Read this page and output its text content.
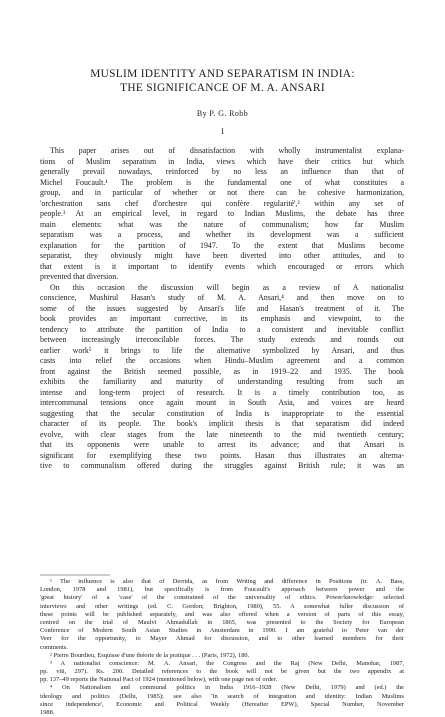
MUSLIM IDENTITY AND SEPARATISM IN INDIA:
THE SIGNIFICANCE OF M. A. ANSARI
By P. G. Robb
I
This paper arises out of dissatisfaction with wholly instrumentalist explana-
tions of Muslim separatism in India, views which have their critics but which
generally prevail nowadays, reinforced by no less an influence than that of
Michel Foucault.¹ The problem is the fundamental one of what constitutes a
group, and in particular of whether or not there can be cohesive harmonization,
'orchestration sans chef d'orchestre qui confère regularité',² within any set of
people.³ At an empirical level, in regard to Indian Muslims, the debate has three
main elements: what was the nature of communalism; how far Muslim
separatism was a process, and whether its development was a sufficient
explanation for the partition of 1947. To the extent that Muslims become
separatist, they obviously might have been diverted into other attitudes, and to
that extent is it important to identify events which encouraged or errors which
prevented that diversion.
On this occasion the discussion will begin as a review of A nationalist
conscience, Mushirul Hasan's study of M. A. Ansari,⁴ and then move on to
some of the issues suggested by Ansari's life and Hasan's treatment of it. The
book provides an important corrective, in its emphasis and viewpoint, to the
tendency to attribute the partition of India to a consistent and inevitable conflict
between increasingly irreconcilable forces. The study extends and rounds out
earlier work⁵ it brings to life the alternative symbolized by Ansari, and thus
casts into relief the occasions when Hindu–Muslim agreement and a common
front against the British seemed possible, as in 1919–22 and 1935. The book
exhibits the familiarity and maturity of understanding resulting from such an
intense and long-term project of research. It is a timely contribution too, as
intercommunal tensions once again mount in South Asia, and voices are heard
suggesting that the secular constitution of India is inappropriate to the essential
character of its people. The book's implicit thesis is that separatism did indeed
evolve, with clear stages from the late nineteenth to the mid twentieth century;
that its opponents were unable to arrest its advance; and that Ansari is
significant for exemplifying these two points. Hasan thus illustrates an alterna-
tive to communalism offered during the struggles against British rule; it was an
¹ The influence is also that of Derrida, as from Writing and difference in Positions (tr. A. Bass,
London, 1978 and 1981), but specifically is from Foucault's approach between power and the
'great history' of a 'case' of the constrained of the universality of ethics. Power/knowledge: selected
interviews and other writings (ed. C. Gordon; Brighton, 1980), 55. A somewhat fuller discussion of
these points will be published separately, and was also offered when a version of parts of this essay,
centred on the trial of Maulvi Ahmadullah in 1865, was presented to the Society for European
Conference of Modern South Asian Studies in Amsterdam in 1990. I am grateful to Peter van der
Veer for the opportunity, to Mayer Ahmad for discussion, and to other learned members for their
comments.
² Pierre Bourdieu, Esquisse d'une théorie de la pratique . . . (Paris, 1972), 180.
³ A nationalist conscience: M. A. Ansari, the Congress and the Raj (New Delhi, Manohar, 1987,
pp. viii, 297). Rs. 200. Detailed references to the book will not be given but the two appendix at
pp. 137–49 reports the National Pact of 1924 (mentioned below), with one page not of order.
⁴ On Nationalism and communal politics in India 1916–1928 (New Delhi, 1979) and (ed.) the
ideology and politics (Delhi, 1985); see also 'In search of integration and identity: Indian Muslims
since independence', Economic and Political Weekly (Hereafter EPW), Special Number, November
1988.
